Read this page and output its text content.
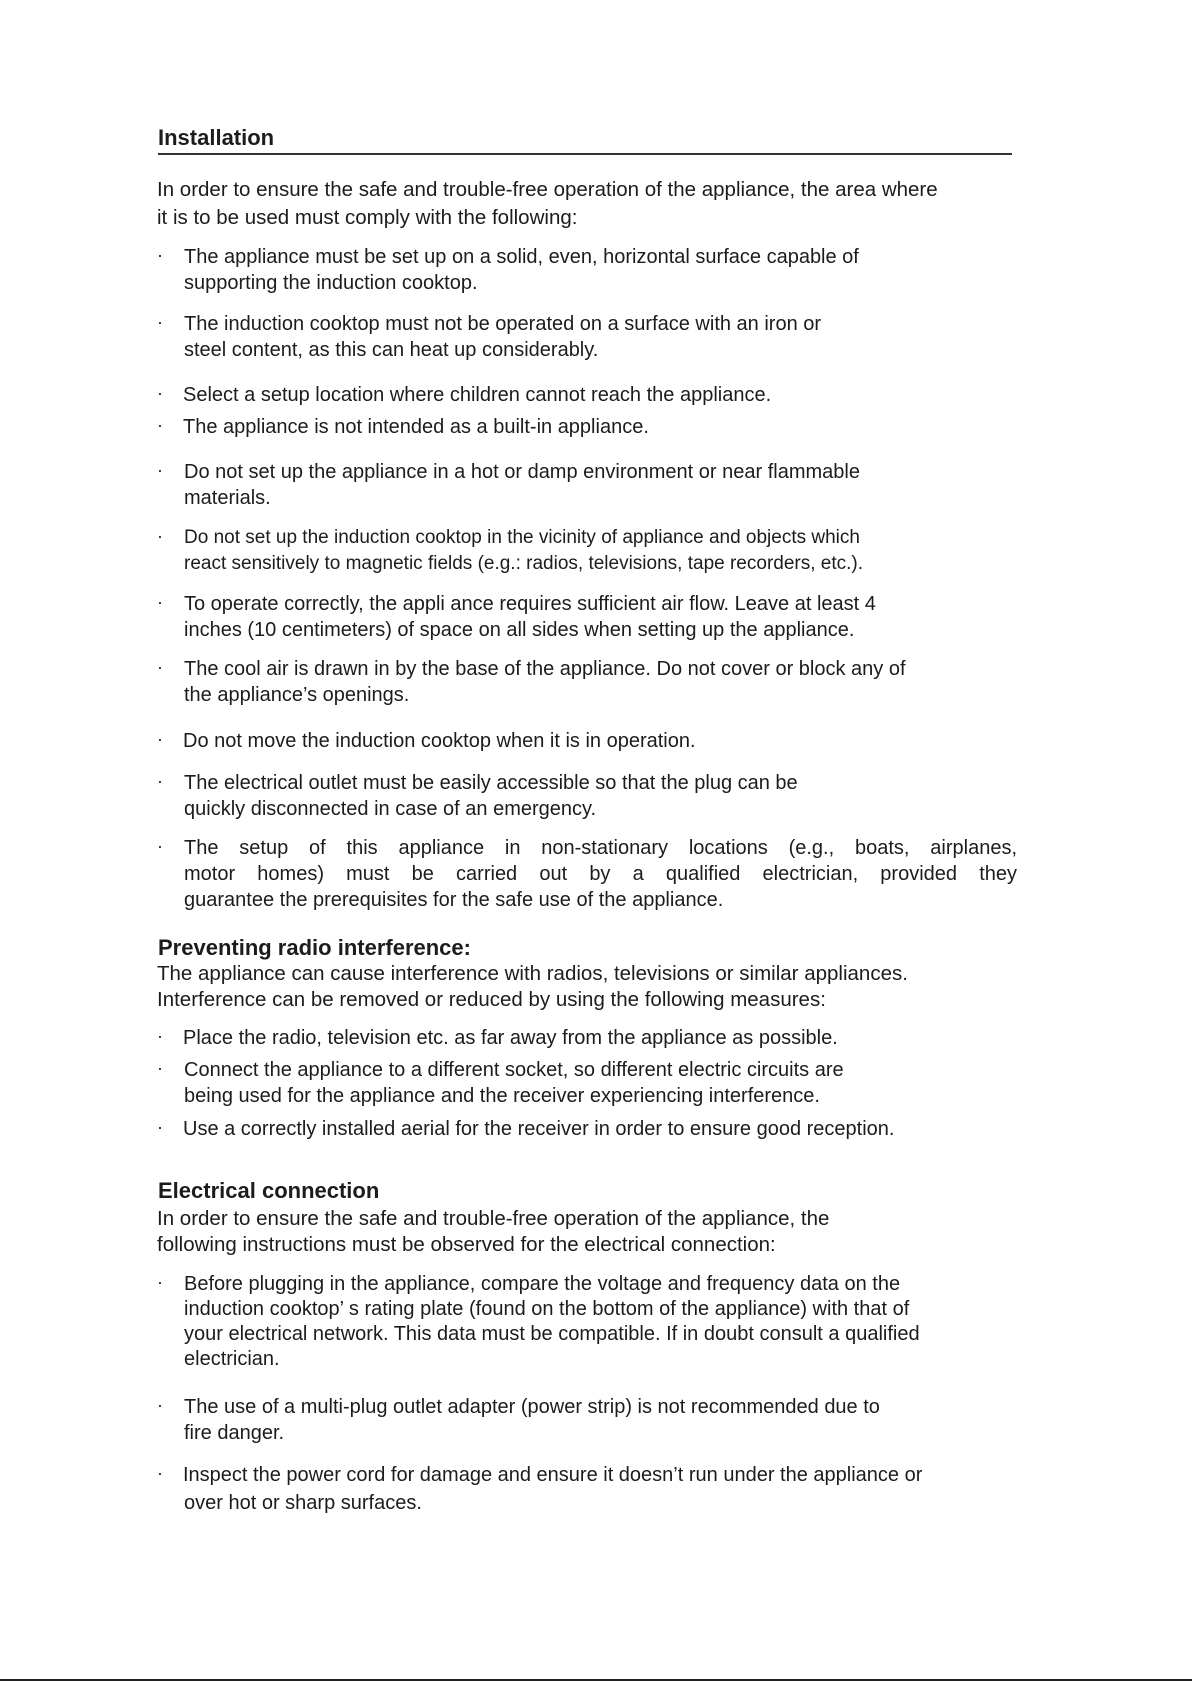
Installation

In order to ensure the safe and trouble-free operation of the appliance, the area where

it is to be used must comply with the following:

· The appliance must be set up on a solid, even, horizontal surface capable of
supporting the induction cooktop.
· The induction cooktop must not be operated on a surface with an iron or
steel content, as this can heat up considerably.
· Select a setup location where children cannot reach the appliance.
· The appliance is not intended as a built-in appliance.
· Do not set up the appliance in a hot or damp environment or near flammable
materials.
· Do not set up the induction cooktop in the vicinity of appliance and objects which
react sensitively to magnetic fields (e.g.: radios, televisions, tape recorders, etc.).
· To operate correctly, the appli ance requires sufficient air flow. Leave at least 4
inches (10 centimeters) of space on all sides when setting up the appliance.
· The cool air is drawn in by the base of the appliance. Do not cover or block any of
the appliance’s openings.
· Do not move the induction cooktop when it is in operation.
· The electrical outlet must be easily accessible so that the plug can be
quickly disconnected in case of an emergency.
· The setup of this appliance in non-stationary locations (e.g., boats, airplanes,
motor homes) must be carried out by a qualified electrician, provided they
guarantee the prerequisites for the safe use of the appliance.
Preventing radio interference:

The appliance can cause interference with radios, televisions or similar appliances.

Interference can be removed or reduced by using the following measures:

· Place the radio, television etc. as far away from the appliance as possible.
· Connect the appliance to a different socket, so different electric circuits are
being used for the appliance and the receiver experiencing interference.
· Use a correctly installed aerial for the receiver in order to ensure good reception.
Electrical connection

In order to ensure the safe and trouble-free operation of the appliance, the

following instructions must be observed for the electrical connection:

· Before plugging in the appliance, compare the voltage and frequency data on the
induction cooktop’ s rating plate (found on the bottom of the appliance) with that of
your electrical network. This data must be compatible. If in doubt consult a qualified
electrician.
· The use of a multi-plug outlet adapter (power strip) is not recommended due to
fire danger.
· Inspect the power cord for damage and ensure it doesn’t run under the appliance or
over hot or sharp surfaces.
